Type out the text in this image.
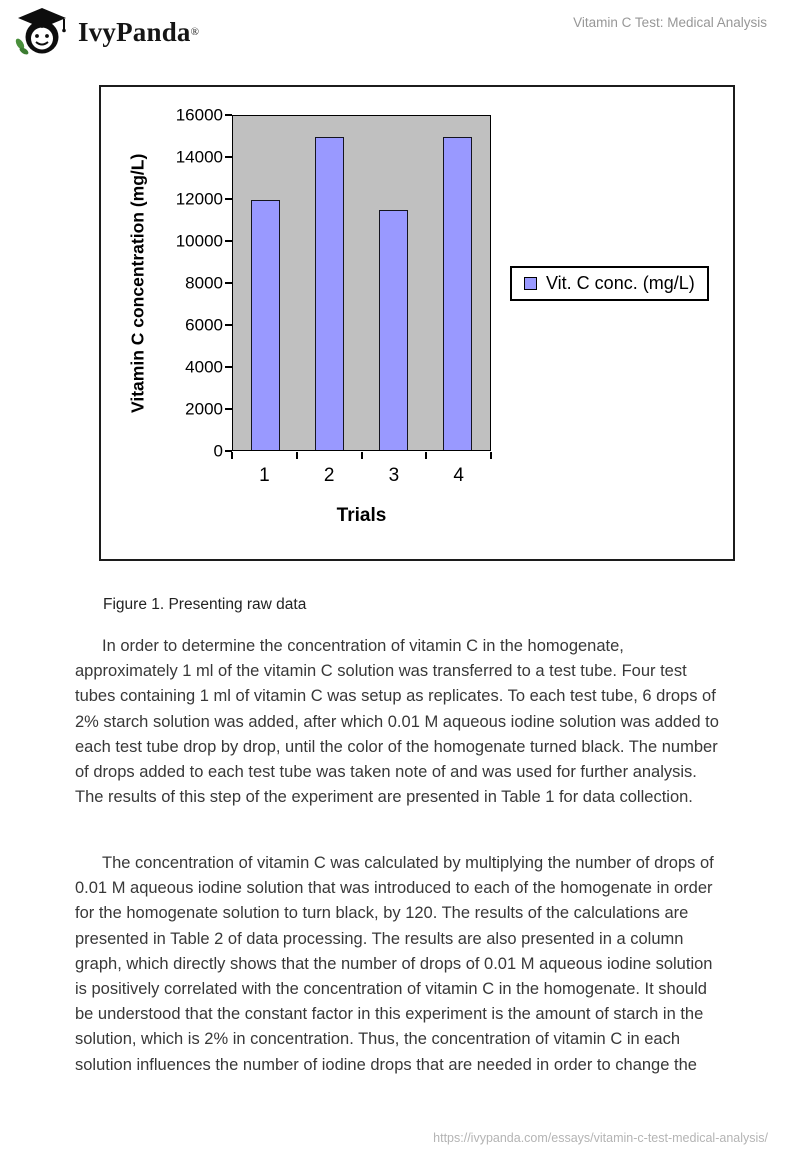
IvyPanda ®
Vitamin C Test: Medical Analysis
Vitamin C concentration (mg/L)
0
2000
4000
6000
8000
10000
12000
14000
16000
1	2	3	4
Trials
Vit. C conc. (mg/L)

Figure 1. Presenting raw data

In order to determine the concentration of vitamin C in the homogenate, approximately 1 ml of the vitamin C solution was transferred to a test tube. Four test tubes containing 1 ml of vitamin C was setup as replicates. To each test tube, 6 drops of 2% starch solution was added, after which 0.01 M aqueous iodine solution was added to each test tube drop by drop, until the color of the homogenate turned black. The number of drops added to each test tube was taken note of and was used for further analysis. The results of this step of the experiment are presented in Table 1 for data collection.

The concentration of vitamin C was calculated by multiplying the number of drops of 0.01 M aqueous iodine solution that was introduced to each of the homogenate in order for the homogenate solution to turn black, by 120. The results of the calculations are presented in Table 2 of data processing. The results are also presented in a column graph, which directly shows that the number of drops of 0.01 M aqueous iodine solution is positively correlated with the concentration of vitamin C in the homogenate. It should be understood that the constant factor in this experiment is the amount of starch in the solution, which is 2% in concentration. Thus, the concentration of vitamin C in each solution influences the number of iodine drops that are needed in order to change the

https://ivypanda.com/essays/vitamin-c-test-medical-analysis/
